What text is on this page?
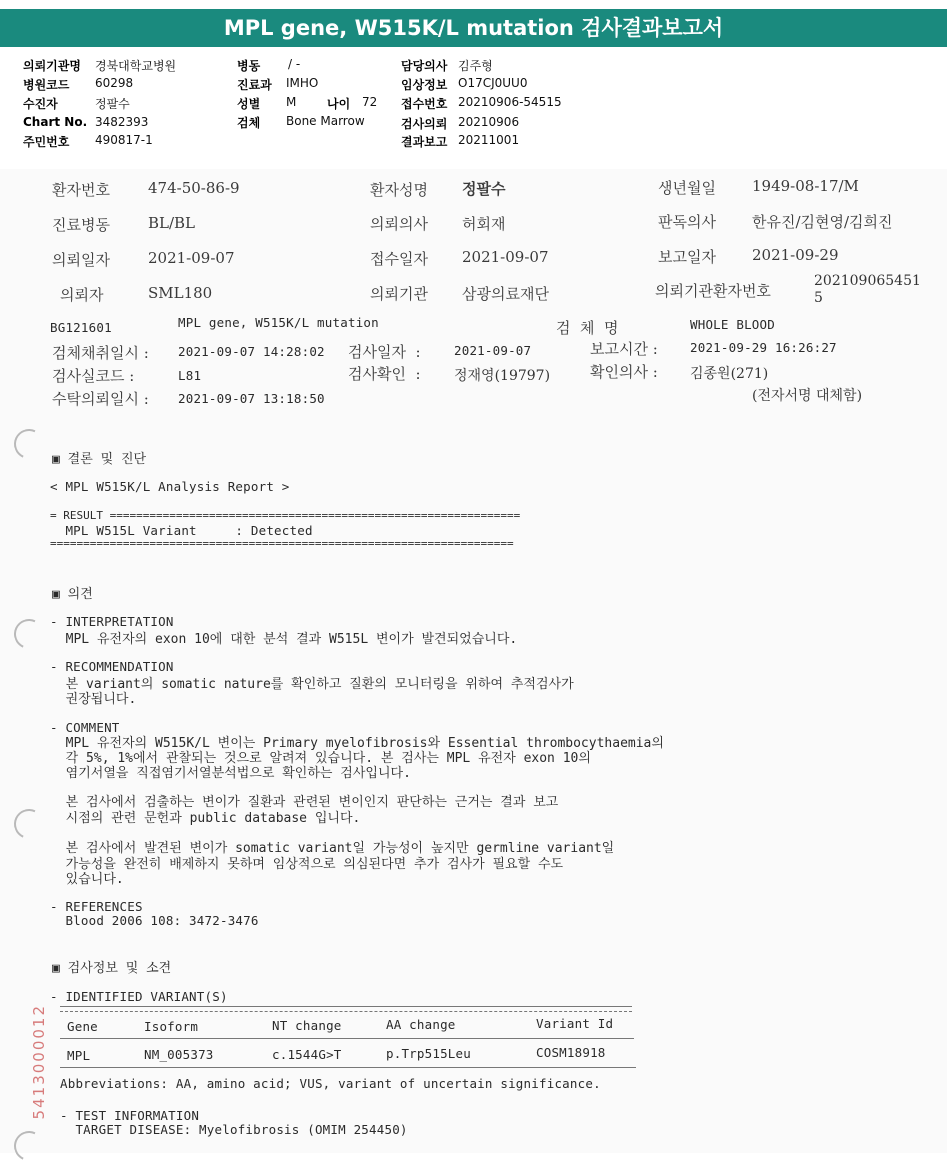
MPL gene, W515K/L mutation 검사결과보고서
의뢰기관명 경북대학교병원
병원코드 60298
수진자	정팔수
Chart No. 3482393
주민번호 490817-1
병동 / -
진료과 IMHO
성별 M	나이 72
검체 Bone Marrow
담당의사 김주형
임상정보 O17CJ0UU0
접수번호 20210906-54515
검사의뢰 20210906
결과보고 20211001
환자번호	474-50-86-9	환자성명 정팔수	생년월일 1949-08-17/M
진료병동	BL/BL	의뢰의사 허회재	판독의사 한유진/김현영/김희진
의뢰일자	2021-09-07	접수일자 2021-09-07	보고일자 2021-09-29
의뢰자	SML180	의뢰기관 삼광의료재단	의뢰기관환자번호
202109065451
5
BG121601	MPL gene, W515K/L mutation	검  체  명	WHOLE BLOOD
검체채취일시 : 2021-09-07 14:28:02 검사일자  :	2021-09-07	보고시간 :	2021-09-29 16:26:27
검사실코드 :	L81	검사확인  : 정재영(19797)	확인의사 : 김종원(271)
수탁의뢰일시 : 2021-09-07 13:18:50	(전자서명 대체함)
▣ 결론 및 진단
< MPL W515K/L Analysis Report >
= RESULT ==============================================================
MPL W515L Variant     : Detected
======================================================================
▣ 의견
- INTERPRETATION
MPL 유전자의 exon 10에 대한 분석 결과 W515L 변이가 발견되었습니다.
- RECOMMENDATION
본 variant의 somatic nature를 확인하고 질환의 모니터링을 위하여 추적검사가
권장됩니다.
- COMMENT
MPL 유전자의 W515K/L 변이는 Primary myelofibrosis와 Essential thrombocythaemia의
각 5%, 1%에서 관찰되는 것으로 알려져 있습니다. 본 검사는 MPL 유전자 exon 10의
염기서열을 직접염기서열분석법으로 확인하는 검사입니다.
본 검사에서 검출하는 변이가 질환과 관련된 변이인지 판단하는 근거는 결과 보고
시점의 관련 문헌과 public database 입니다.
본 검사에서 발견된 변이가 somatic variant일 가능성이 높지만 germline variant일
가능성을 완전히 배제하지 못하며 임상적으로 의심된다면 추가 검사가 필요할 수도
있습니다.
- REFERENCES
Blood 2006 108: 3472-3476
▣ 검사정보 및 소견
- IDENTIFIED VARIANT(S)
Gene	Isoform	NT change	AA change	Variant Id
MPL	NM_005373	c.1544G>T	p.Trp515Leu	COSM18918
Abbreviations: AA, amino acid; VUS, variant of uncertain significance.
- TEST INFORMATION
TARGET DISEASE: Myelofibrosis (OMIM 254450)
5413000012
